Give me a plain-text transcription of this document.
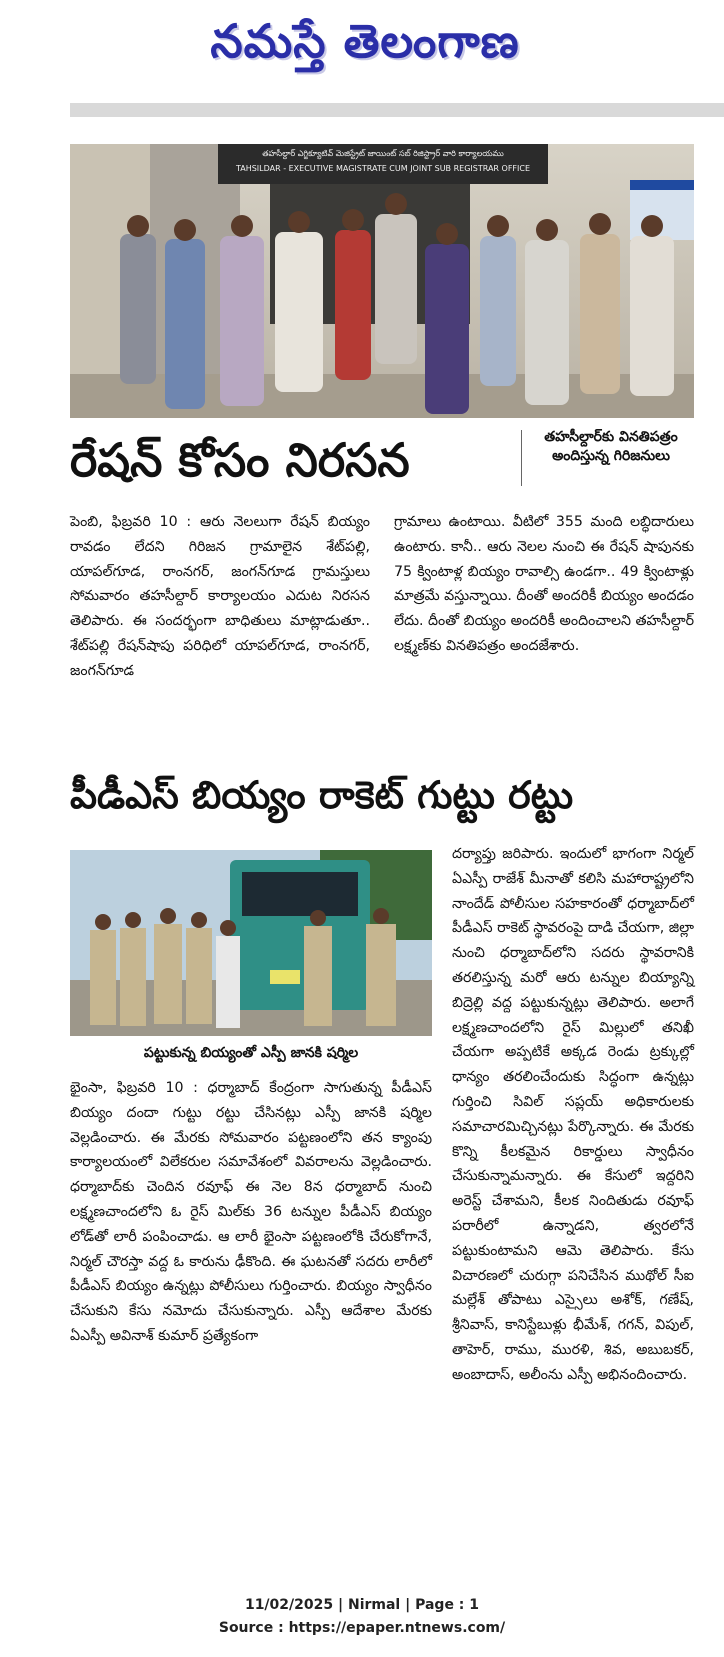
నమస్తే తెలంగాణ
తహసీల్దార్ ఎగ్జిక్యూటివ్ మెజిస్ట్రేట్ జాయింట్ సబ్ రిజిస్ట్రార్ వారి కార్యాలయము
TAHSILDAR - EXECUTIVE MAGISTRATE CUM JOINT SUB REGISTRAR OFFICE
రేషన్ కోసం నిరసన	తహసీల్దార్‌కు వినతిపత్రం అందిస్తున్న గిరిజనులు
పెంబి, ఫిబ్రవరి 10 : ఆరు నెలలుగా రేషన్ బియ్యం రావడం లేదని గిరిజన గ్రామాలైన శేట్‌పల్లి, యాపల్‌గూడ, రాంనగర్, జంగన్‌గూడ గ్రామస్తులు సోమవారం తహసీల్దార్ కార్యాలయం ఎదుట నిరసన తెలిపారు. ఈ సందర్భంగా బాధితులు మాట్లాడుతూ.. శేట్‌పల్లి రేషన్‌షాపు పరిధిలో యాపల్‌గూడ, రాంనగర్, జంగన్‌గూడ
గ్రామాలు ఉంటాయి. వీటిలో 355 మంది లబ్ధిదారులు ఉంటారు. కానీ.. ఆరు నెలల నుంచి ఈ రేషన్ షాపునకు 75 క్వింటాళ్ల బియ్యం రావాల్సి ఉండగా.. 49 క్వింటాళ్లు మాత్రమే వస్తున్నాయి. దీంతో అందరికీ బియ్యం అందడం లేదు. దీంతో బియ్యం అందరికీ అందించాలని తహసీల్దార్ లక్ష్మణ్‌కు వినతిపత్రం అందజేశారు.
పీడీఎస్ బియ్యం రాకెట్ గుట్టు రట్టు
పట్టుకున్న బియ్యంతో ఎస్పీ జానకి షర్మిల
దర్యాప్తు జరిపారు. ఇందులో భాగంగా నిర్మల్ ఏఎస్పీ రాజేశ్ మీనాతో కలిసి మహారాష్ట్రలోని నాందేడ్ పోలీసుల సహకారంతో ధర్మాబాద్‌లో పీడీఎస్ రాకెట్ స్థావరంపై దాడి చేయగా, జిల్లా నుంచి ధర్మాబాద్‌లోని సదరు స్థావరానికి తరలిస్తున్న మరో ఆరు టన్నుల బియ్యాన్ని బిద్రెల్లి వద్ద పట్టుకున్నట్లు తెలిపారు. అలాగే లక్ష్మణచాందలోని రైస్ మిల్లులో తనిఖీ చేయగా అప్పటికే అక్కడ రెండు ట్రక్కుల్లో ధాన్యం తరలించేందుకు సిద్ధంగా ఉన్నట్లు గుర్తించి సివిల్ సప్లయ్ అధికారులకు సమాచారమిచ్చినట్లు పేర్కొన్నారు. ఈ మేరకు కొన్ని కీలకమైన రికార్డులు స్వాధీనం చేసుకున్నామన్నారు. ఈ కేసులో ఇద్దరిని అరెస్ట్ చేశామని, కీలక నిందితుడు రవూఫ్ పరారీలో ఉన్నాడని, త్వరలోనే పట్టుకుంటామని ఆమె తెలిపారు. కేసు విచారణలో చురుగ్గా పనిచేసిన ముథోల్ సీఐ మల్లేశ్ తోపాటు ఎస్సైలు అశోక్, గణేష్, శ్రీనివాస్, కానిస్టేబుళ్లు భీమేశ్, గగన్, విపుల్, తాహెర్, రాము, మురళి, శివ, అబుబకర్, అంబాదాస్, అలీంను ఎస్పీ అభినందించారు.
భైంసా, ఫిబ్రవరి 10 : ధర్మాబాద్ కేంద్రంగా సాగుతున్న పీడీఎస్ బియ్యం దందా గుట్టు రట్టు చేసినట్లు ఎస్పీ జానకి షర్మిల వెల్లడించారు. ఈ మేరకు సోమవారం పట్టణంలోని తన క్యాంపు కార్యాలయంలో విలేకరుల సమావేశంలో వివరాలను వెల్లడించారు. ధర్మాబాద్‌కు చెందిన రవూఫ్ ఈ నెల 8న ధర్మాబాద్ నుంచి లక్ష్మణచాందలోని ఓ రైస్ మిల్‌కు 36 టన్నుల పీడీఎస్ బియ్యం లోడ్‌తో లారీ పంపించాడు. ఆ లారీ భైంసా పట్టణంలోకి చేరుకోగానే, నిర్మల్ చౌరస్తా వద్ద ఓ కారును ఢీకొంది. ఈ ఘటనతో సదరు లారీలో పీడీఎస్ బియ్యం ఉన్నట్లు పోలీసులు గుర్తించారు. బియ్యం స్వాధీనం చేసుకుని కేసు నమోదు చేసుకున్నారు. ఎస్పీ ఆదేశాల మేరకు ఏఎస్పీ అవినాశ్ కుమార్ ప్రత్యేకంగా
11/02/2025 | Nirmal | Page : 1
Source : https://epaper.ntnews.com/
